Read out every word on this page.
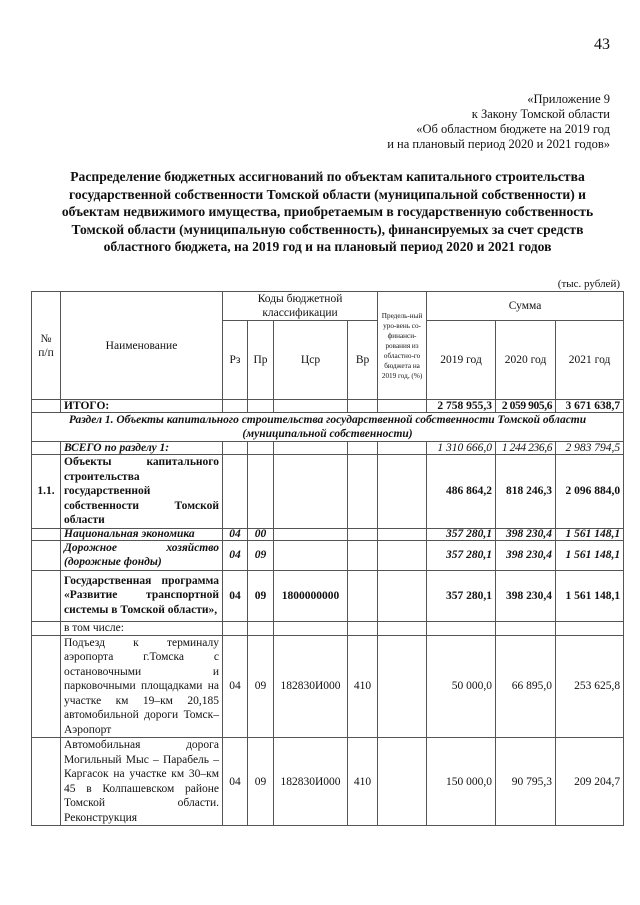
43
«Приложение 9
к Закону Томской области
«Об областном бюджете на 2019 год
и на плановый период 2020 и 2021 годов»
Распределение бюджетных ассигнований по объектам капитального строительства государственной собственности Томской области (муниципальной собственности) и объектам недвижимого имущества, приобретаемым в государственную собственность Томской области (муниципальную собственность), финансируемых за счет средств областного бюджета, на 2019 год и на плановый период 2020 и 2021 годов
(тыс. рублей)
№ п/п	Наименование	Коды бюджетной классификации				Предель-ный уро-вень со-финанси-рования из областно-го бюджета на 2019 год, (%)	Сумма		
		Рз	Пр	Цср	Вр		2019 год	2020 год	2021 год
	ИТОГО:						2 758 955,3	2 059 905,6	3 671 638,7
Раздел 1. Объекты капитального строительства государственной собственности Томской области (муниципальной собственности)									
	ВСЕГО по разделу 1:						1 310 666,0	1 244 236,6	2 983 794,5
1.1.	Объекты капитального строительства государственной собственности Томской области						486 864,2	818 246,3	2 096 884,0
	Национальная экономика	04	00				357 280,1	398 230,4	1 561 148,1
	Дорожное хозяйство (дорожные фонды)	04	09				357 280,1	398 230,4	1 561 148,1
	Государственная программа «Развитие транспортной системы в Томской области»,	04	09	1800000000			357 280,1	398 230,4	1 561 148,1
	в том числе:								
	Подъезд к терминалу аэропорта г.Томска с остановочными и парковочными площадками на участке км 19–км 20,185 автомобильной дороги Томск–Аэропорт	04	09	182830И000	410		50 000,0	66 895,0	253 625,8
	Автомобильная дорога Могильный Мыс – Парабель – Каргасок на участке км 30–км 45 в Колпашевском районе Томской области. Реконструкция	04	09	182830И000	410		150 000,0	90 795,3	209 204,7
